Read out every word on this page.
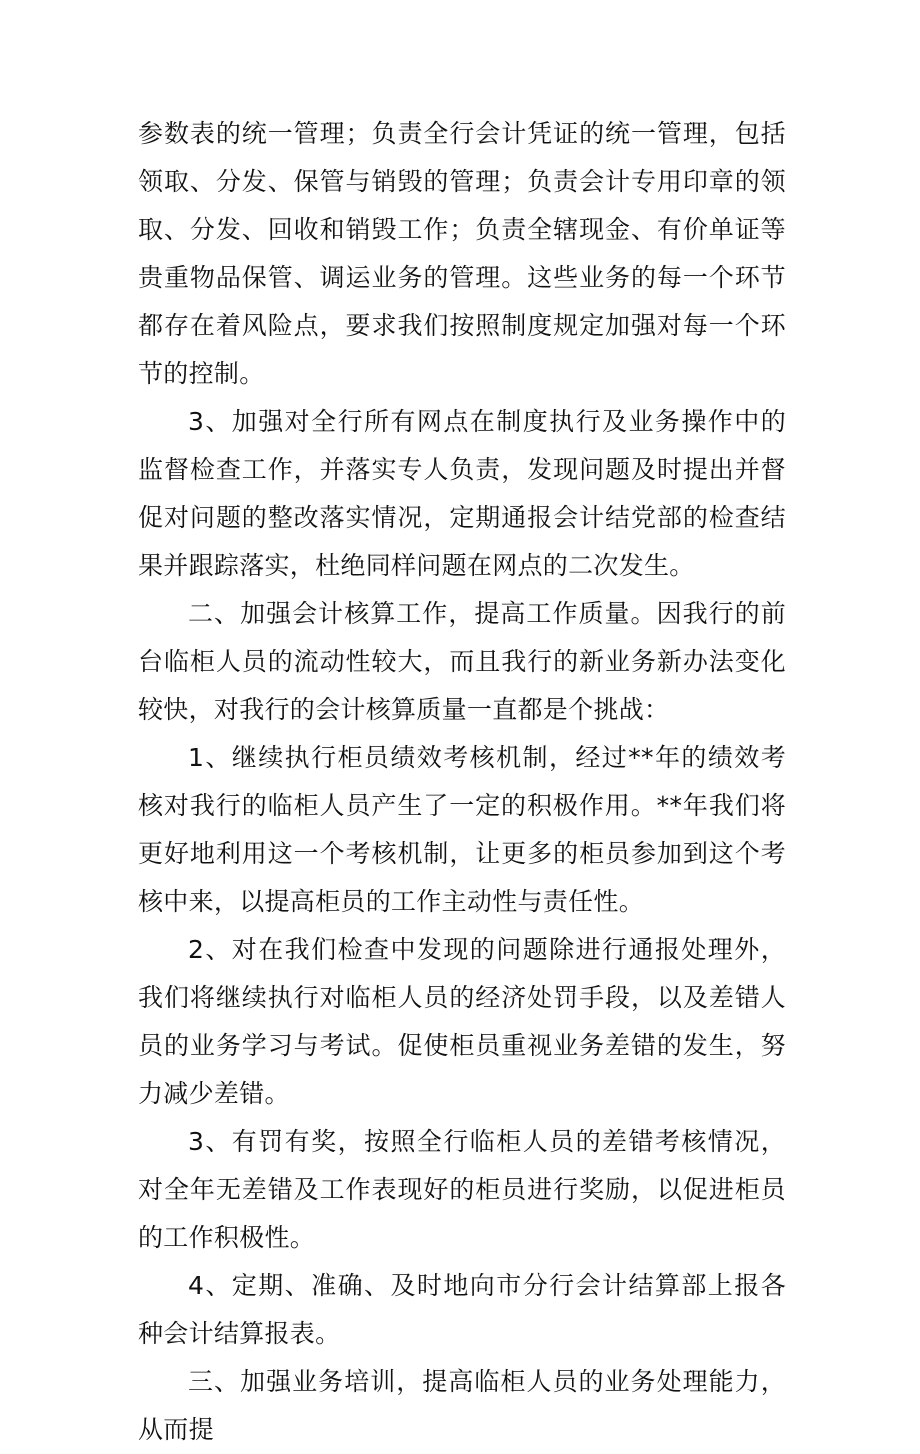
参数表的统一管理；负责全行会计凭证的统一管理，包括领取、分发、保管与销毁的管理；负责会计专用印章的领取、分发、回收和销毁工作；负责全辖现金、有价单证等贵重物品保管、调运业务的管理。这些业务的每一个环节都存在着风险点，要求我们按照制度规定加强对每一个环节的控制。

3、加强对全行所有网点在制度执行及业务操作中的监督检查工作，并落实专人负责，发现问题及时提出并督促对问题的整改落实情况，定期通报会计结党部的检查结果并跟踪落实，杜绝同样问题在网点的二次发生。

二、加强会计核算工作，提高工作质量。因我行的前台临柜人员的流动性较大，而且我行的新业务新办法变化较快，对我行的会计核算质量一直都是个挑战：

1、继续执行柜员绩效考核机制，经过**年的绩效考核对我行的临柜人员产生了一定的积极作用。**年我们将更好地利用这一个考核机制，让更多的柜员参加到这个考核中来，以提高柜员的工作主动性与责任性。

2、对在我们检查中发现的问题除进行通报处理外，我们将继续执行对临柜人员的经济处罚手段，以及差错人员的业务学习与考试。促使柜员重视业务差错的发生，努力减少差错。

3、有罚有奖，按照全行临柜人员的差错考核情况，对全年无差错及工作表现好的柜员进行奖励，以促进柜员的工作积极性。

4、定期、准确、及时地向市分行会计结算部上报各种会计结算报表。

三、加强业务培训，提高临柜人员的业务处理能力，从而提
